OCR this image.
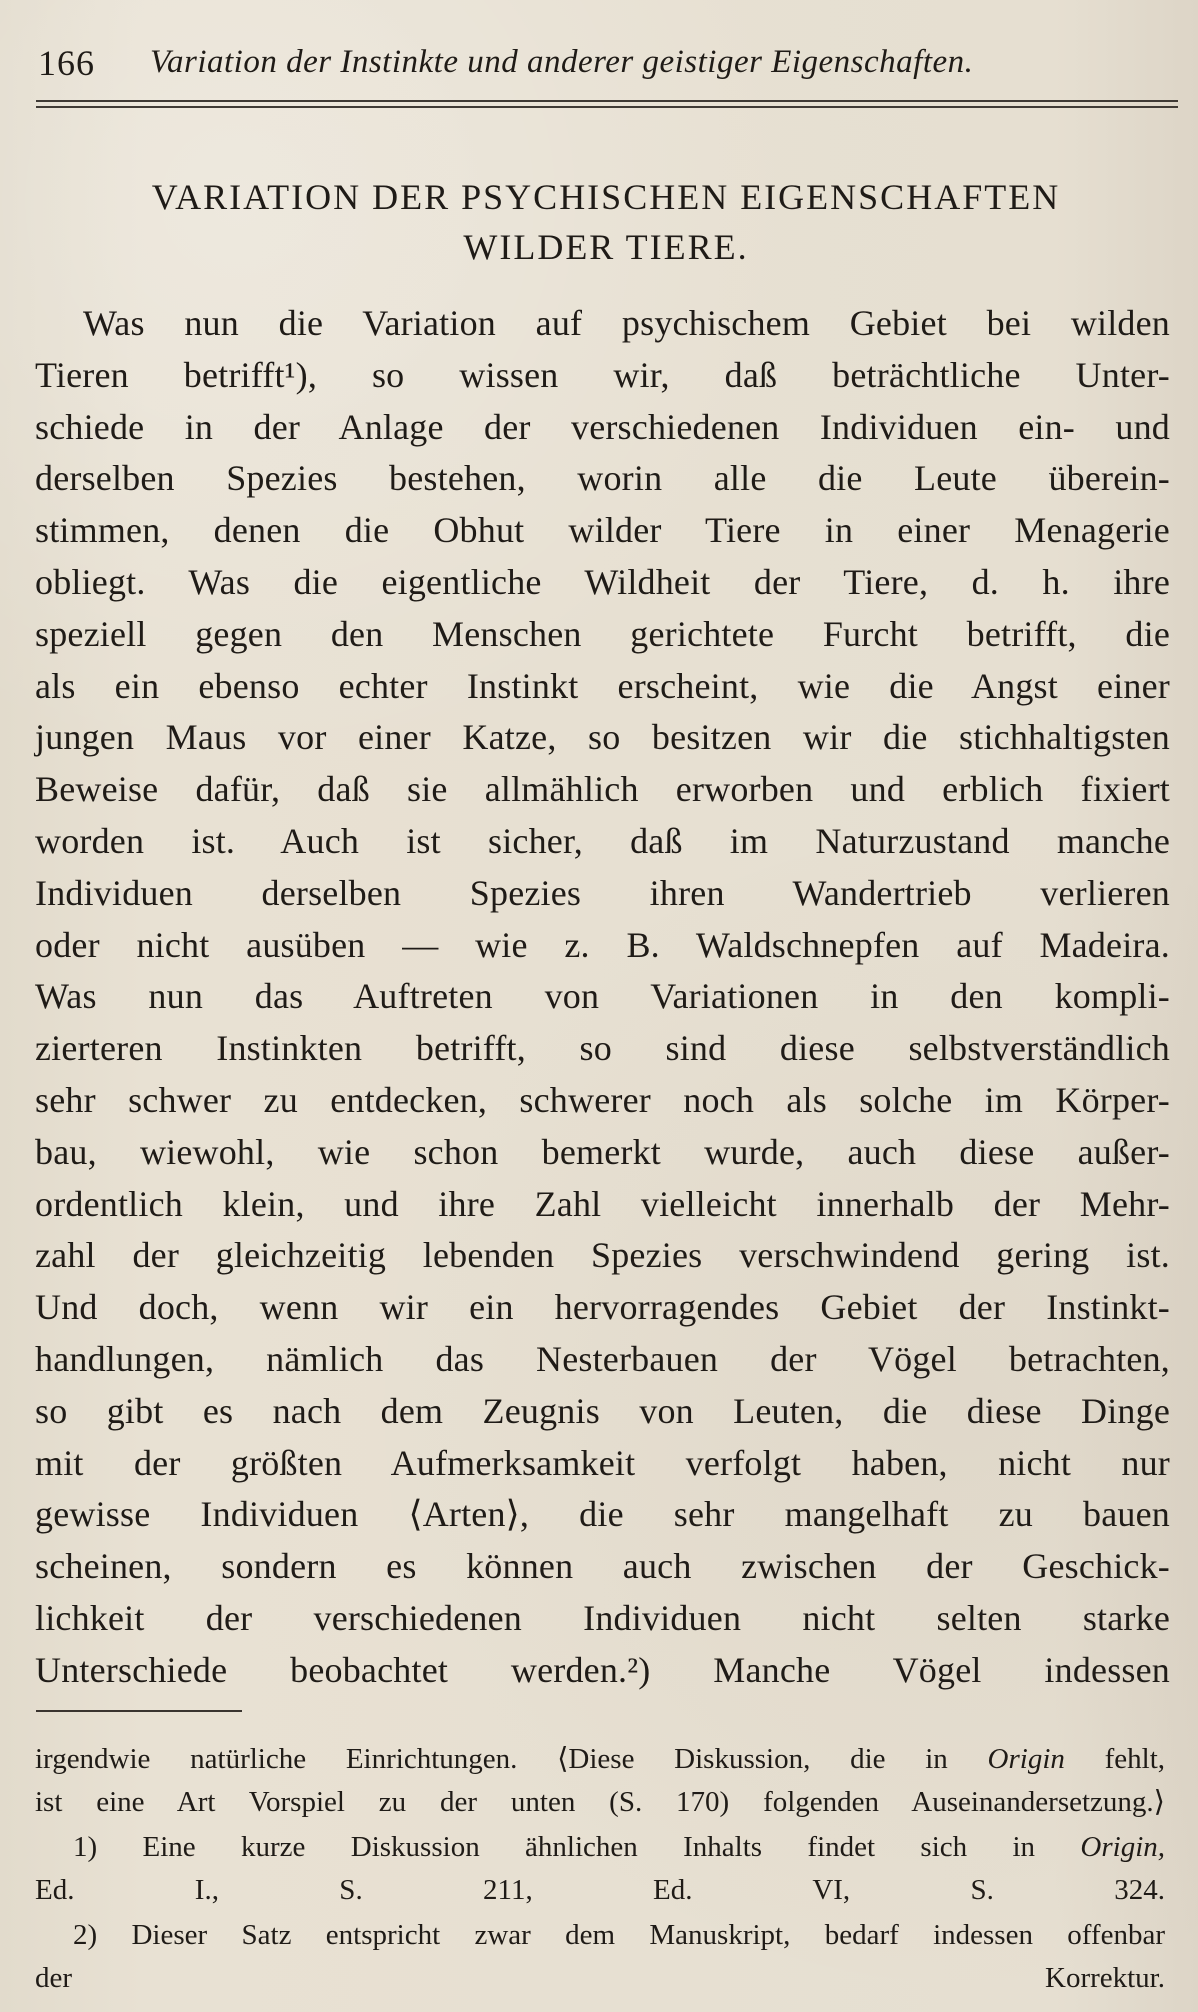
166 Variation der Instinkte und anderer geistiger Eigenschaften.
VARIATION DER PSYCHISCHEN EIGENSCHAFTEN
WILDER TIERE.
Was nun die Variation auf psychischem Gebiet bei wilden
Tieren betrifft¹), so wissen wir, daß beträchtliche Unter-
schiede in der Anlage der verschiedenen Individuen ein- und
derselben Spezies bestehen, worin alle die Leute überein-
stimmen, denen die Obhut wilder Tiere in einer Menagerie
obliegt. Was die eigentliche Wildheit der Tiere, d. h. ihre
speziell gegen den Menschen gerichtete Furcht betrifft, die
als ein ebenso echter Instinkt erscheint, wie die Angst einer
jungen Maus vor einer Katze, so besitzen wir die stichhaltigsten
Beweise dafür, daß sie allmählich erworben und erblich fixiert
worden ist. Auch ist sicher, daß im Naturzustand manche
Individuen derselben Spezies ihren Wandertrieb verlieren
oder nicht ausüben — wie z. B. Waldschnepfen auf Madeira.
Was nun das Auftreten von Variationen in den kompli-
zierteren Instinkten betrifft, so sind diese selbstverständlich
sehr schwer zu entdecken, schwerer noch als solche im Körper-
bau, wiewohl, wie schon bemerkt wurde, auch diese außer-
ordentlich klein, und ihre Zahl vielleicht innerhalb der Mehr-
zahl der gleichzeitig lebenden Spezies verschwindend gering ist.
Und doch, wenn wir ein hervorragendes Gebiet der Instinkt-
handlungen, nämlich das Nesterbauen der Vögel betrachten,
so gibt es nach dem Zeugnis von Leuten, die diese Dinge
mit der größten Aufmerksamkeit verfolgt haben, nicht nur
gewisse Individuen ⟨Arten⟩, die sehr mangelhaft zu bauen
scheinen, sondern es können auch zwischen der Geschick-
lichkeit der verschiedenen Individuen nicht selten starke
Unterschiede beobachtet werden.²) Manche Vögel indessen
irgendwie natürliche Einrichtungen. ⟨Diese Diskussion, die in Origin fehlt,
ist eine Art Vorspiel zu der unten (S. 170) folgenden Auseinandersetzung.⟩
1) Eine kurze Diskussion ähnlichen Inhalts findet sich in Origin,
Ed. I., S. 211, Ed. VI, S. 324.
2) Dieser Satz entspricht zwar dem Manuskript, bedarf indessen offenbar
der Korrektur.
